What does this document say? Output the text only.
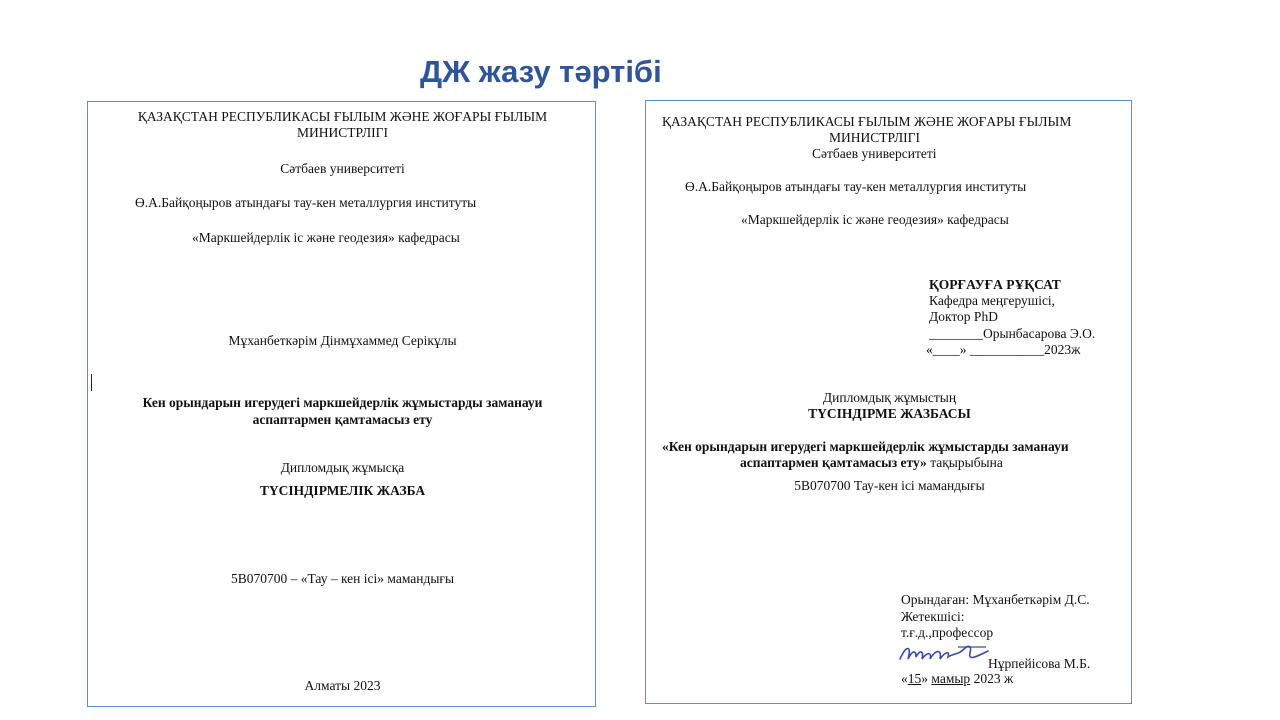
ДЖ жазу тәртібі
ҚАЗАҚСТАН РЕСПУБЛИКАСЫ ҒЫЛЫМ ЖӘНЕ ЖОҒАРЫ ҒЫЛЫМ
МИНИСТРЛІГІ
Сәтбаев университеті
Ө.А.Байқоңыров атындағы тау-кен металлургия институты
«Маркшейдерлік іс және геодезия» кафедрасы
Мұханбеткәрім Дінмұхаммед Серікұлы
Кен орындарын игерудегі маркшейдерлік жұмыстарды заманауи
аспаптармен қамтамасыз ету
Дипломдық жұмысқа
ТҮСІНДІРМЕЛІК ЖАЗБА
5В070700 – «Тау – кен ісі» мамандығы
Алматы 2023
ҚАЗАҚСТАН РЕСПУБЛИКАСЫ ҒЫЛЫМ ЖӘНЕ ЖОҒАРЫ ҒЫЛЫМ
МИНИСТРЛІГІ
Сәтбаев университеті
Ө.А.Байқоңыров атындағы тау-кен металлургия институты
«Маркшейдерлік іс және геодезия» кафедрасы
ҚОРҒАУҒА РҰҚСАТ
Кафедра меңгерушісі,
Доктор PhD
________Орынбасарова Э.О.
«____» ___________2023ж
Дипломдық жұмыстың
ТҮСІНДІРМЕ ЖАЗБАСЫ
«Кен орындарын игерудегі маркшейдерлік жұмыстарды заманауи
аспаптармен қамтамасыз ету» тақырыбына
5В070700 Тау-кен ісі мамандығы
Орындаған: Мұханбеткәрім Д.С.
Жетекшісі:
т.ғ.д.,профессор
Нұрпейісова М.Б.
«15» мамыр 2023 ж
